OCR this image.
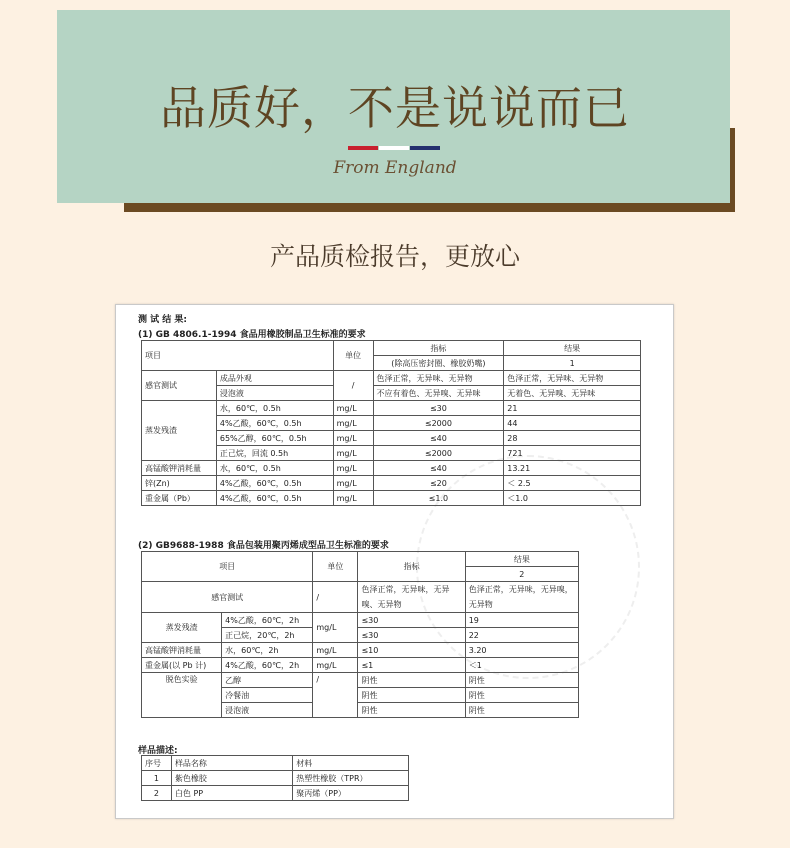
品质好，不是说说而已
From England
产品质检报告，更放心
测 试 结 果:
(1) GB 4806.1-1994 食品用橡胶制品卫生标准的要求
项目		单位	指标	结果
			(除高压密封圈、橡胶奶嘴)	1
感官测试	成品外观	/	色泽正常，无异味、无异物	色泽正常，无异味、无异物
	浸泡液		不应有着色、无异嗅、无异味	无着色、无异嗅、无异味
蒸发残渣	水，60℃，0.5h	mg/L	≤30	21
	4%乙酸，60℃，0.5h	mg/L	≤2000	44
	65%乙醇，60℃，0.5h	mg/L	≤40	28
	正己烷，回流 0.5h	mg/L	≤2000	721
高锰酸钾消耗量	水，60℃，0.5h	mg/L	≤40	13.21
锌(Zn)	4%乙酸，60℃，0.5h	mg/L	≤20	＜ 2.5
重金属（Pb）	4%乙酸，60℃，0.5h	mg/L	≤1.0	＜1.0
(2) GB9688-1988 食品包装用聚丙烯成型品卫生标准的要求
项目		单位	指标	结果
				2
感官测试		/	色泽正常，无异味，无异嗅、无异物	色泽正常，无异味，无异嗅，无异物
蒸发残渣	4%乙酸，60℃，2h	mg/L	≤30	19
	正己烷，20℃，2h		≤30	22
高锰酸钾消耗量	水，60℃，2h	mg/L	≤10	3.20
重金属(以 Pb 计)	4%乙酸，60℃，2h	mg/L	≤1	＜1
脱色实验	乙醇	/	阴性	阴性
	冷餐油		阴性	阴性
	浸泡液		阴性	阴性
样品描述:
序号	样品名称	材料
1	紫色橡胶	热塑性橡胶（TPR）
2	白色 PP	聚丙烯（PP）
